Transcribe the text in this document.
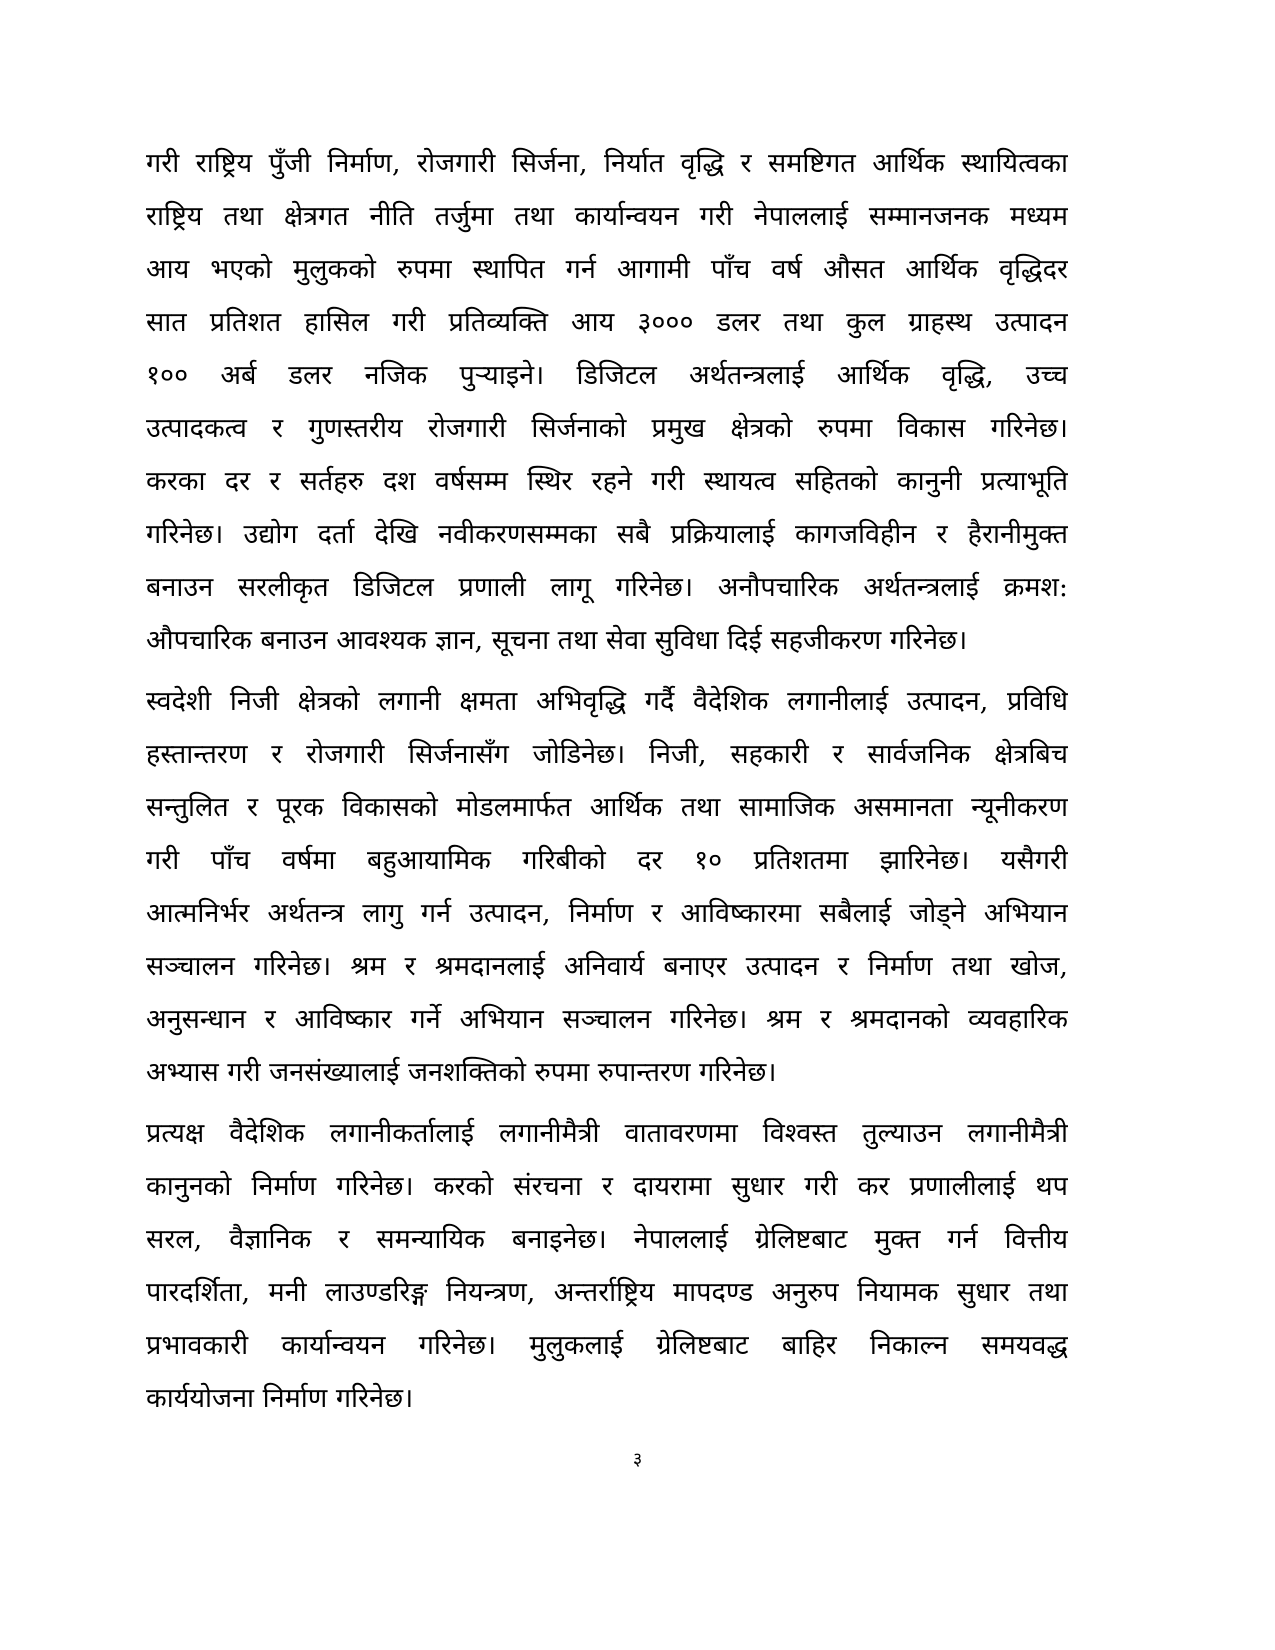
गरी राष्ट्रिय पुँजी निर्माण, रोजगारी सिर्जना, निर्यात वृद्धि र समष्टिगत आर्थिक स्थायित्वका
राष्ट्रिय तथा क्षेत्रगत नीति तर्जुमा तथा कार्यान्वयन गरी नेपाललाई सम्मानजनक मध्यम
आय भएको मुलुकको रुपमा स्थापित गर्न आगामी पाँच वर्ष औसत आर्थिक वृद्धिदर
सात प्रतिशत हासिल गरी प्रतिव्यक्ति आय ३००० डलर तथा कुल ग्राहस्थ उत्पादन
१०० अर्ब डलर नजिक पुऱ्याइने। डिजिटल अर्थतन्त्रलाई आर्थिक वृद्धि, उच्च
उत्पादकत्व र गुणस्तरीय रोजगारी सिर्जनाको प्रमुख क्षेत्रको रुपमा विकास गरिनेछ।
करका दर र सर्तहरु दश वर्षसम्म स्थिर रहने गरी स्थायत्व सहितको कानुनी प्रत्याभूति
गरिनेछ। उद्योग दर्ता देखि नवीकरणसम्मका सबै प्रक्रियालाई कागजविहीन र हैरानीमुक्त
बनाउन सरलीकृत डिजिटल प्रणाली लागू गरिनेछ। अनौपचारिक अर्थतन्त्रलाई क्रमश:
औपचारिक बनाउन आवश्यक ज्ञान, सूचना तथा सेवा सुविधा दिई सहजीकरण गरिनेछ।
स्वदेशी निजी क्षेत्रको लगानी क्षमता अभिवृद्धि गर्दै वैदेशिक लगानीलाई उत्पादन, प्रविधि
हस्तान्तरण र रोजगारी सिर्जनासँग जोडिनेछ। निजी, सहकारी र सार्वजनिक क्षेत्रबिच
सन्तुलित र पूरक विकासको मोडलमार्फत आर्थिक तथा सामाजिक असमानता न्यूनीकरण
गरी पाँच वर्षमा बहुआयामिक गरिबीको दर १० प्रतिशतमा झारिनेछ। यसैगरी
आत्मनिर्भर अर्थतन्त्र लागु गर्न उत्पादन, निर्माण र आविष्कारमा सबैलाई जोड्ने अभियान
सञ्चालन गरिनेछ। श्रम र श्रमदानलाई अनिवार्य बनाएर उत्पादन र निर्माण तथा खोज,
अनुसन्धान र आविष्कार गर्ने अभियान सञ्चालन गरिनेछ। श्रम र श्रमदानको व्यवहारिक
अभ्यास गरी जनसंख्यालाई जनशक्तिको रुपमा रुपान्तरण गरिनेछ।
प्रत्यक्ष वैदेशिक लगानीकर्तालाई लगानीमैत्री वातावरणमा विश्वस्त तुल्याउन लगानीमैत्री
कानुनको निर्माण गरिनेछ। करको संरचना र दायरामा सुधार गरी कर प्रणालीलाई थप
सरल, वैज्ञानिक र समन्यायिक बनाइनेछ। नेपाललाई ग्रेलिष्टबाट मुक्त गर्न वित्तीय
पारदर्शिता, मनी लाउण्डरिङ्ग नियन्त्रण, अन्तर्राष्ट्रिय मापदण्ड अनुरुप नियामक सुधार तथा
प्रभावकारी कार्यान्वयन गरिनेछ। मुलुकलाई ग्रेलिष्टबाट बाहिर निकाल्न समयवद्ध
कार्ययोजना निर्माण गरिनेछ।
३
